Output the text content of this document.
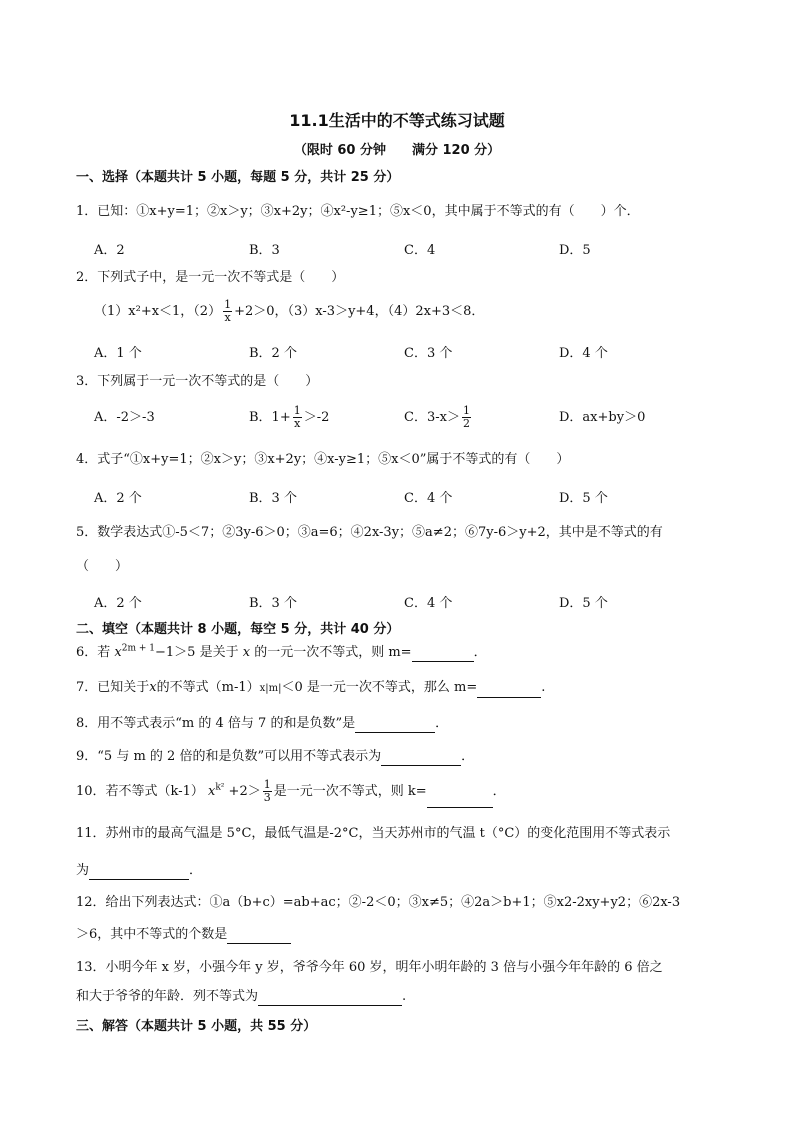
11.1生活中的不等式练习试题
（限时 60 分钟　　满分 120 分）
一、选择（本题共计 5 小题，每题 5 分，共计 25 分）
1．已知：①x+y=1；②x＞y；③x+2y；④x²-y≥1；⑤x＜0，其中属于不等式的有（　　）个．
A．2	B．3	C．4	D．5
2．下列式子中，是一元一次不等式是（　　）
（1）x²+x＜1，$(2) \frac{1}{x} +2>0$，（3）x-3＞y+4，（4）2x+3＜8．
A．1 个	B．2 个	C．3 个	D．4 个
3．下列属于一元一次不等式的是（　　）
A．-2＞-3	B．$1+ \frac{1}{x} >-2$	C．$3-x> \frac{1}{2}$	D．ax+by＞0
4．式子“①x+y=1；②x＞y；③x+2y；④x-y≥1；⑤x＜0”属于不等式的有（　　）
A．2 个	B．3 个	C．4 个	D．5 个
5．数学表达式①-5＜7；②3y-6＞0；③a=6；④2x-3y；⑤a≠2；⑥7y-6＞y+2，其中是不等式的有
（　　）
A．2 个	B．3 个	C．4 个	D．5 个
二、填空（本题共计 8 小题，每空 5 分，共计 40 分）
6．若 $x^{2m + 1}-1>5$ 是关于 x 的一元一次不等式，则 m=	．
7．已知关于x的不等式（m-1）x|m|＜0 是一元一次不等式，那么 m=	.
8．用不等式表示“m 的 4 倍与 7 的和是负数”是	．
9．“5 与 m 的 2 倍的和是负数”可以用不等式表示为	．
10．若不等式（k-1） $x^{k^2} +2> \frac{1}{3}$ 是一元一次不等式，则 k=	．
11．苏州市的最高气温是 5°C，最低气温是-2°C，当天苏州市的气温 t（°C）的变化范围用不等式表示
为	．
12．给出下列表达式：①a（b+c）=ab+ac；②-2＜0；③x≠5；④2a＞b+1；⑤x2-2xy+y2；⑥2x-3
＞6，其中不等式的个数是
13．小明今年 x 岁，小强今年 y 岁，爷爷今年 60 岁，明年小明年龄的 3 倍与小强今年年龄的 6 倍之
和大于爷爷的年龄．列不等式为	.
三、解答（本题共计 5 小题，共 55 分）
